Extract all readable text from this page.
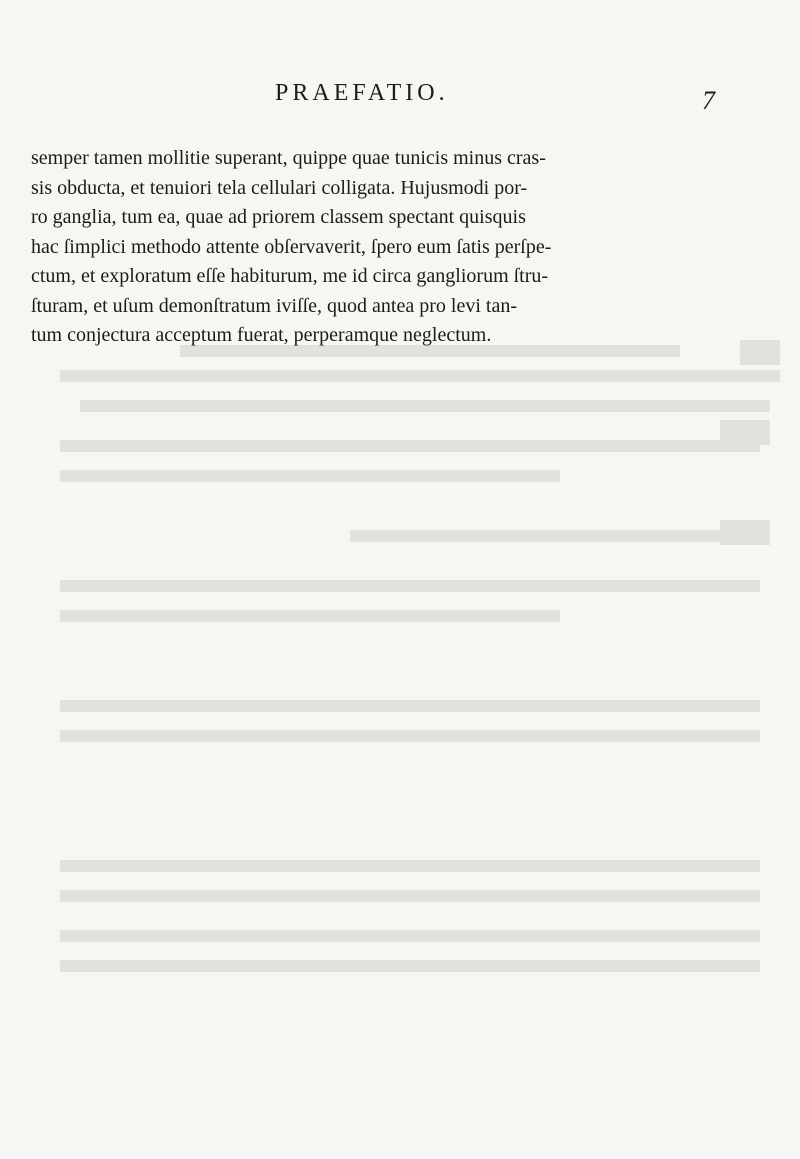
PRAEFATIO.	7
semper tamen mollitie superant, quippe quae tunicis minus cras-
sis obducta, et tenuiori tela cellulari colligata. Hujusmodi por-
ro ganglia, tum ea, quae ad priorem classem spectant quisquis
hac ſimplici methodo attente obſervaverit, ſpero eum ſatis perſpe-
ctum, et exploratum eſſe habiturum, me id circa gangliorum ſtru-
ſturam, et uſum demonſtratum iviſſe, quod antea pro levi tan-
tum conjectura acceptum fuerat, perperamque neglectum.
